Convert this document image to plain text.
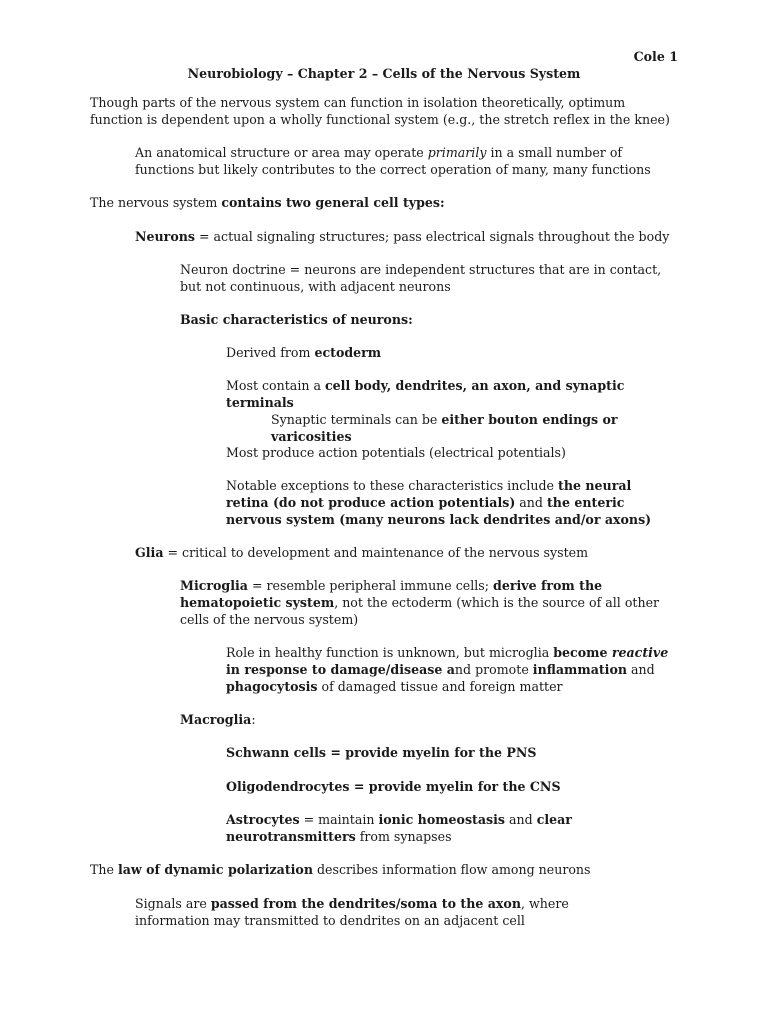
Cole 1
Neurobiology – Chapter 2 – Cells of the Nervous System

Though parts of the nervous system can function in isolation theoretically, optimum function is dependent upon a wholly functional system (e.g., the stretch reflex in the knee)

An anatomical structure or area may operate primarily in a small number of functions but likely contributes to the correct operation of many, many functions

The nervous system contains two general cell types:

Neurons = actual signaling structures; pass electrical signals throughout the body

Neuron doctrine = neurons are independent structures that are in contact, but not continuous, with adjacent neurons

Basic characteristics of neurons:

Derived from ectoderm

Most contain a cell body, dendrites, an axon, and synaptic terminals

Synaptic terminals can be either bouton endings or varicosities

Most produce action potentials (electrical potentials)

Notable exceptions to these characteristics include the neural retina (do not produce action potentials) and the enteric nervous system (many neurons lack dendrites and/or axons)

Glia = critical to development and maintenance of the nervous system

Microglia = resemble peripheral immune cells; derive from the hematopoietic system, not the ectoderm (which is the source of all other cells of the nervous system)

Role in healthy function is unknown, but microglia become reactive in response to damage/disease and promote inflammation and phagocytosis of damaged tissue and foreign matter

Macroglia:

Schwann cells = provide myelin for the PNS

Oligodendrocytes = provide myelin for the CNS

Astrocytes = maintain ionic homeostasis and clear neurotransmitters from synapses

The law of dynamic polarization describes information flow among neurons

Signals are passed from the dendrites/soma to the axon, where information may transmitted to dendrites on an adjacent cell
